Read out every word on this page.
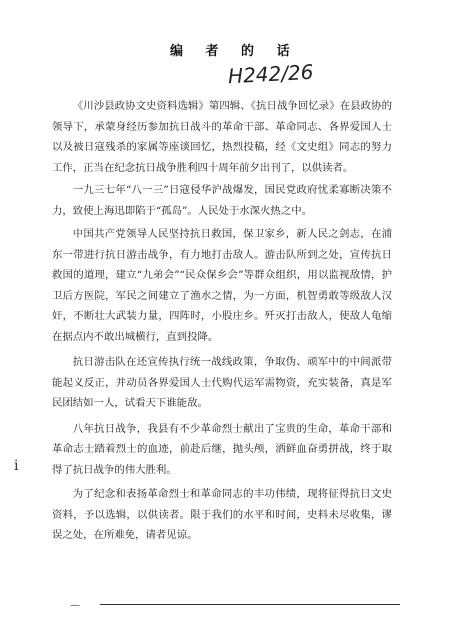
编 者 的 话
H242/26

《川沙县政协文史资料选辑》第四辑、《抗日战争回忆录》在县政协的领导下，承蒙身经历参加抗日战斗的革命干部、革命同志、各界爱国人士以及被日寇残杀的家属等座谈回忆，热烈投稿，经《文史组》同志的努力工作，正当在纪念抗日战争胜利四十周年前夕出刊了，以供读者。

一九三七年“八一三”日寇侵华沪战爆发，国民党政府忧柔寡断决策不力，致使上海迅即陷于“孤岛”。人民处于水深火热之中。

中国共产党领导人民坚持抗日救国，保卫家乡，新人民之剑志，在浦东一带进行抗日游击战争，有力地打击敌人。游击队所到之处，宣传抗日救国的道理，建立“九弟会”“民众保乡会”等群众组织，用以监视敌情，护卫后方医院，军民之间建立了渔水之情，为一方面，机智勇敢等级敌人汉奸，不断壮大武装力量，四阵时，小股庄乡。歼灭打击敌人，使敌人龟缩在据点内不敢出城横行，直到投降。

抗日游击队在还宣传执行统一战线政策，争取伪、顽军中的中间派带能起义反正，并动员各界爱国人士代购代运军需物资，充实装备，真是军民团结如一人，试看天下谁能敌。

八年抗日战争，我县有不少革命烈士献出了宝贵的生命，革命干部和革命志士踏着烈士的血迹，前赴后继，抛头颅，洒鲜血奋勇拼战，终于取得了抗日战争的伟大胜利。

为了纪念和表扬革命烈士和革命同志的丰功伟绩，现将征得抗日文史资料，予以选辑，以供读者。限于我们的水平和时间，史料未尽收集，谬误之处，在所难免，请者见谅。

ⅰ
—
